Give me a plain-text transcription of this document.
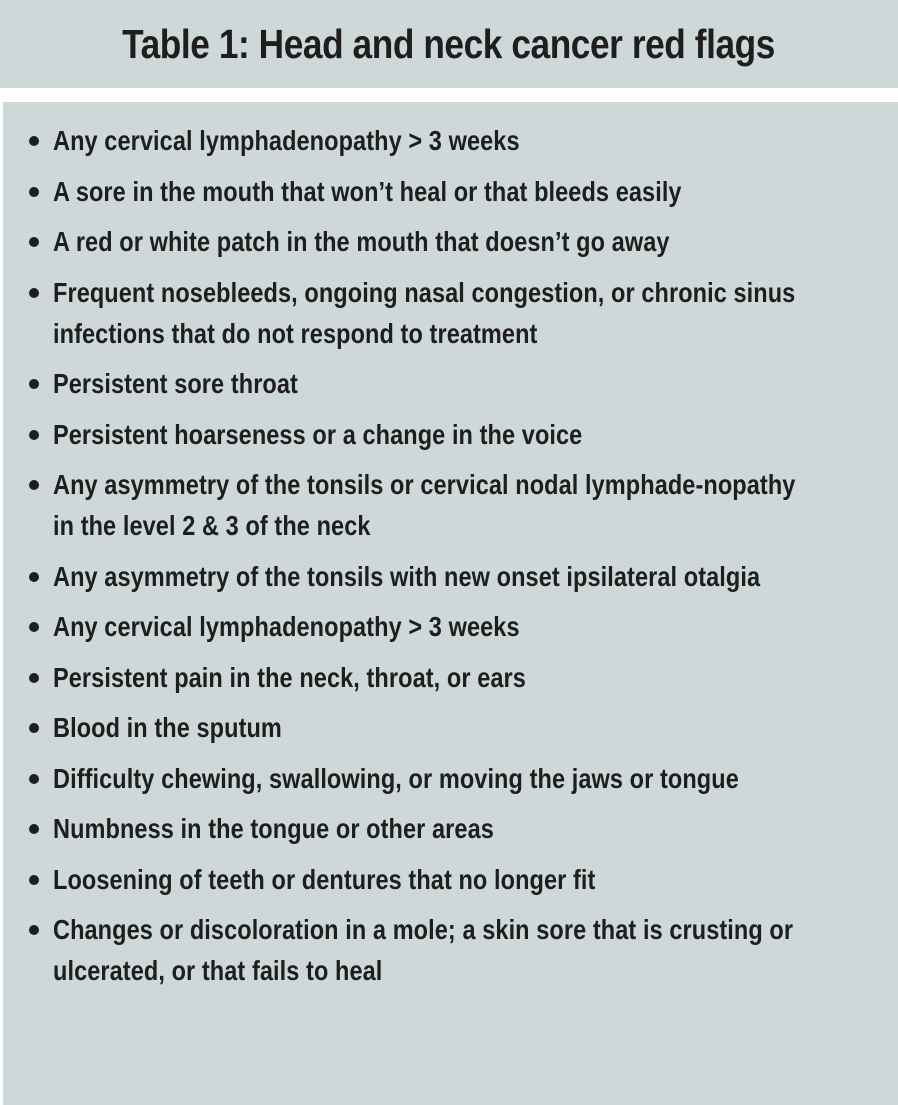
Table 1: Head and neck cancer red flags
Any cervical lymphadenopathy > 3 weeks
A sore in the mouth that won’t heal or that bleeds easily
A red or white patch in the mouth that doesn’t go away
Frequent nosebleeds, ongoing nasal congestion, or chronic sinus infections that do not respond to treatment
Persistent sore throat
Persistent hoarseness or a change in the voice
Any asymmetry of the tonsils or cervical nodal lymphade-nopathy in the level 2 & 3 of the neck
Any asymmetry of the tonsils with new onset ipsilateral otalgia
Any cervical lymphadenopathy > 3 weeks
Persistent pain in the neck, throat, or ears
Blood in the sputum
Difficulty chewing, swallowing, or moving the jaws or tongue
Numbness in the tongue or other areas
Loosening of teeth or dentures that no longer fit
Changes or discoloration in a mole; a skin sore that is crusting or ulcerated, or that fails to heal
